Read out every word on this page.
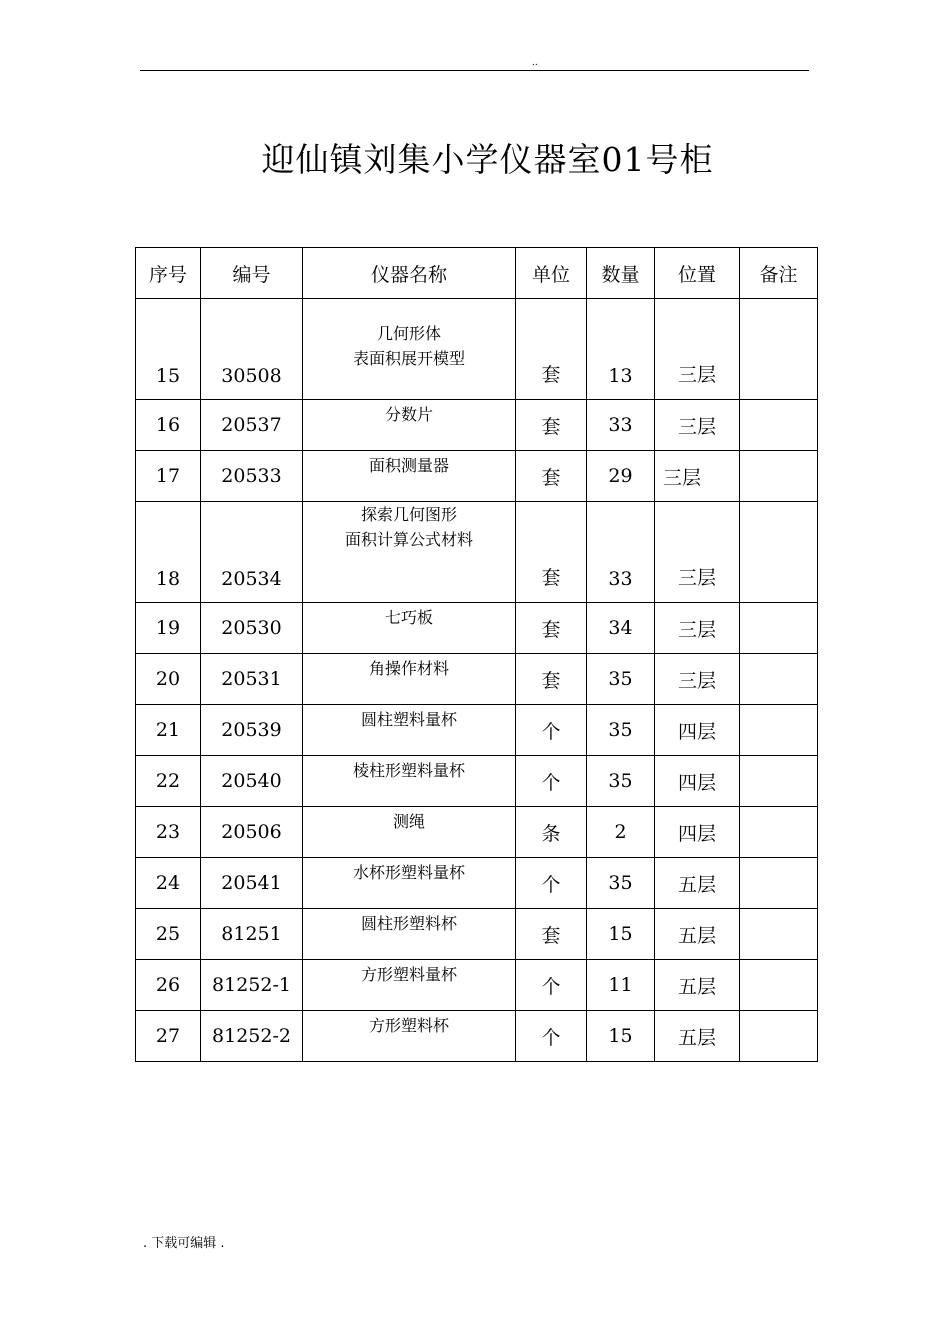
..
迎仙镇刘集小学仪器室01号柜
序号	编号	仪器名称	单位	数量	位置	备注

15	30508	几何形体
表面积展开模型	套	13	三层	

16	20537	分数片	套	33	三层	
17	20533	面积测量器	套	29	三层	

18	20534	探索几何图形
面积计算公式材料	套	33	三层	

19	20530	七巧板	套	34	三层	
20	20531	角操作材料	套	35	三层	
21	20539	圆柱塑料量杯	个	35	四层	
22	20540	棱柱形塑料量杯	个	35	四层	
23	20506	测绳	条	2	四层	
24	20541	水杯形塑料量杯	个	35	五层	
25	81251	圆柱形塑料杯	套	15	五层	
26	81252-1	方形塑料量杯	个	11	五层	
27	81252-2	方形塑料杯	个	15	五层	
. 下载可编辑 .
